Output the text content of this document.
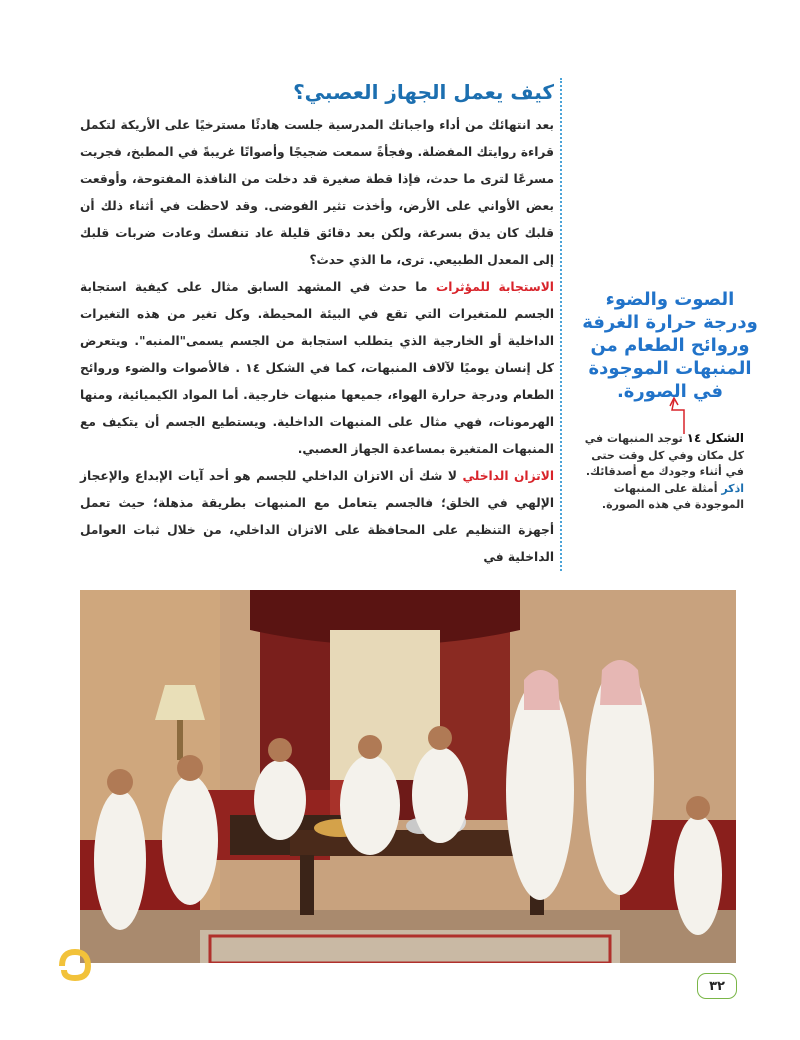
كيف يعمل الجهاز العصبي؟

بعد انتهائك من أداء واجباتك المدرسية جلست هادئًا مسترخيًا على الأريكة لتكمل قراءة روايتك المفضلة. وفجأةً سمعت ضجيجًا وأصواتًا غريبةً في المطبخ، فجريت مسرعًا لترى ما حدث، فإذا قطة صغيرة قد دخلت من النافذة المفتوحة، وأوقعت بعض الأواني على الأرض، وأخذت تثير الفوضى. وقد لاحظت في أثناء ذلك أن قلبك كان يدق بسرعة، ولكن بعد دقائق قليلة عاد تنفسك وعادت ضربات قلبك إلى المعدل الطبيعي. ترى، ما الذي حدث؟

الاستجابة للمؤثرات ما حدث في المشهد السابق مثال على كيفية استجابة الجسم للمتغيرات التي تقع في البيئة المحيطة. وكل تغير من هذه التغيرات الداخلية أو الخارجية الذي يتطلب استجابة من الجسم يسمى"المنبه". ويتعرض كل إنسان يوميًا لآلاف المنبهات، كما في الشكل ١٤ . فالأصوات والضوء وروائح الطعام ودرجة حرارة الهواء، جميعها منبهات خارجية. أما المواد الكيميائية، ومنها الهرمونات، فهي مثال على المنبهات الداخلية. ويستطيع الجسم أن يتكيف مع المنبهات المتغيرة بمساعدة الجهاز العصبي.

الاتزان الداخلي لا شك أن الاتزان الداخلي للجسم هو أحد آيات الإبداع والإعجاز الإلهي في الخلق؛ فالجسم يتعامل مع المنبهات بطريقة مذهلة؛ حيث تعمل أجهزة التنظيم على المحافظة على الاتزان الداخلي، من خلال ثبات العوامل الداخلية في

الصوت والضوء ودرجة حرارة الغرفة وروائح الطعام من المنبهات الموجودة في الصورة.
الشكل ١٤ توجد المنبهات في كل مكان وفي كل وقت حتى في أثناء وجودك مع أصدقائك.
اذكر أمثلة على المنبهات الموجودة في هذه الصورة.
٣٢
